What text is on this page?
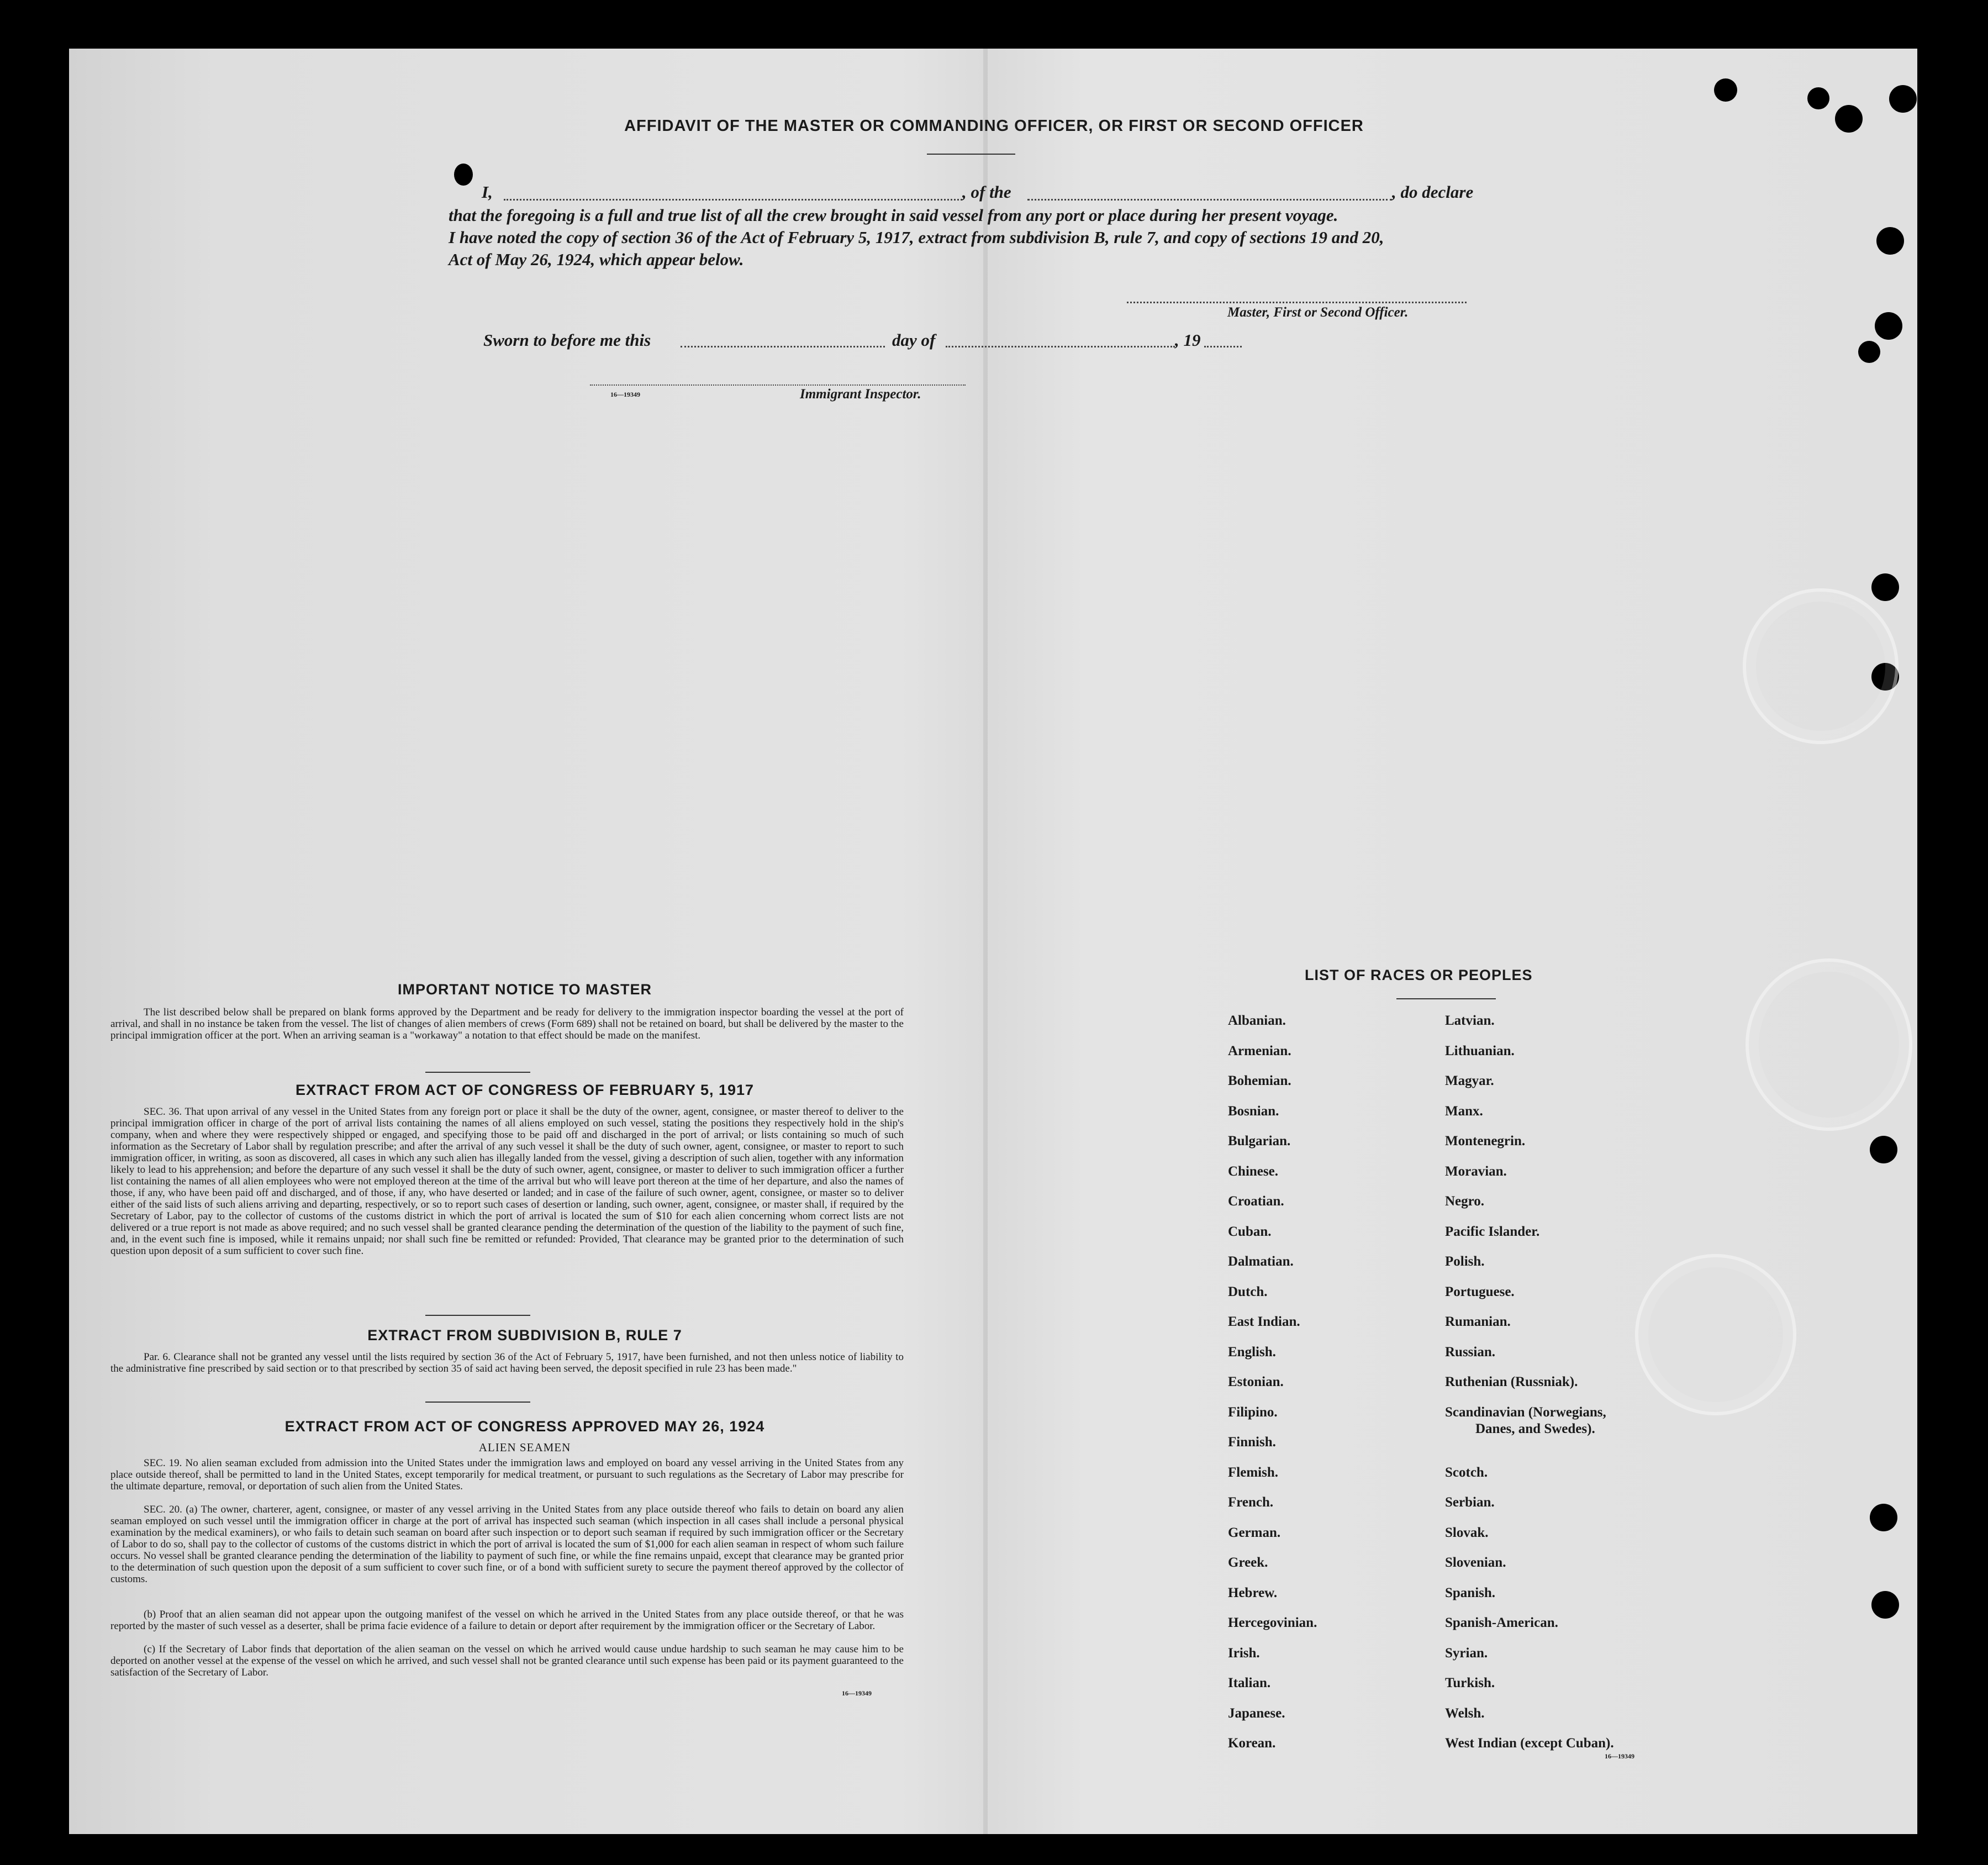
AFFIDAVIT OF THE MASTER OR COMMANDING OFFICER, OR FIRST OR SECOND OFFICER
I,	, of the	, do declare
that the foregoing is a full and true list of all the crew brought in said vessel from any port or place during her present voyage.
I have noted the copy of section 36 of the Act of February 5, 1917, extract from subdivision B, rule 7, and copy of sections 19 and 20,
Act of May 26, 1924, which appear below.
Master, First or Second Officer.
Sworn to before me this	day of	, 19
16—19349	Immigrant Inspector.
IMPORTANT NOTICE TO MASTER
The list described below shall be prepared on blank forms approved by the Department and be ready for delivery to the immigration inspector boarding the vessel at the port of arrival, and shall in no instance be taken from the vessel. The list of changes of alien members of crews (Form 689) shall not be retained on board, but shall be delivered by the master to the principal immigration officer at the port. When an arriving seaman is a "workaway" a notation to that effect should be made on the manifest.
EXTRACT FROM ACT OF CONGRESS OF FEBRUARY 5, 1917
SEC. 36. That upon arrival of any vessel in the United States from any foreign port or place it shall be the duty of the owner, agent, consignee, or master thereof to deliver to the principal immigration officer in charge of the port of arrival lists containing the names of all aliens employed on such vessel, stating the positions they respectively hold in the ship's company, when and where they were respectively shipped or engaged, and specifying those to be paid off and discharged in the port of arrival; or lists containing so much of such information as the Secretary of Labor shall by regulation prescribe; and after the arrival of any such vessel it shall be the duty of such owner, agent, consignee, or master to report to such immigration officer, in writing, as soon as discovered, all cases in which any such alien has illegally landed from the vessel, giving a description of such alien, together with any information likely to lead to his apprehension; and before the departure of any such vessel it shall be the duty of such owner, agent, consignee, or master to deliver to such immigration officer a further list containing the names of all alien employees who were not employed thereon at the time of the arrival but who will leave port thereon at the time of her departure, and also the names of those, if any, who have been paid off and discharged, and of those, if any, who have deserted or landed; and in case of the failure of such owner, agent, consignee, or master so to deliver either of the said lists of such aliens arriving and departing, respectively, or so to report such cases of desertion or landing, such owner, agent, consignee, or master shall, if required by the Secretary of Labor, pay to the collector of customs of the customs district in which the port of arrival is located the sum of $10 for each alien concerning whom correct lists are not delivered or a true report is not made as above required; and no such vessel shall be granted clearance pending the determination of the question of the liability to the payment of such fine, and, in the event such fine is imposed, while it remains unpaid; nor shall such fine be remitted or refunded: Provided, That clearance may be granted prior to the determination of such question upon deposit of a sum sufficient to cover such fine.
EXTRACT FROM SUBDIVISION B, RULE 7
Par. 6. Clearance shall not be granted any vessel until the lists required by section 36 of the Act of February 5, 1917, have been furnished, and not then unless notice of liability to the administrative fine prescribed by said section or to that prescribed by section 35 of said act having been served, the deposit specified in rule 23 has been made."
EXTRACT FROM ACT OF CONGRESS APPROVED MAY 26, 1924
ALIEN SEAMEN
SEC. 19. No alien seaman excluded from admission into the United States under the immigration laws and employed on board any vessel arriving in the United States from any place outside thereof, shall be permitted to land in the United States, except temporarily for medical treatment, or pursuant to such regulations as the Secretary of Labor may prescribe for the ultimate departure, removal, or deportation of such alien from the United States.
SEC. 20. (a) The owner, charterer, agent, consignee, or master of any vessel arriving in the United States from any place outside thereof who fails to detain on board any alien seaman employed on such vessel until the immigration officer in charge at the port of arrival has inspected such seaman (which inspection in all cases shall include a personal physical examination by the medical examiners), or who fails to detain such seaman on board after such inspection or to deport such seaman if required by such immigration officer or the Secretary of Labor to do so, shall pay to the collector of customs of the customs district in which the port of arrival is located the sum of $1,000 for each alien seaman in respect of whom such failure occurs. No vessel shall be granted clearance pending the determination of the liability to payment of such fine, or while the fine remains unpaid, except that clearance may be granted prior to the determination of such question upon the deposit of a sum sufficient to cover such fine, or of a bond with sufficient surety to secure the payment thereof approved by the collector of customs.
(b) Proof that an alien seaman did not appear upon the outgoing manifest of the vessel on which he arrived in the United States from any place outside thereof, or that he was reported by the master of such vessel as a deserter, shall be prima facie evidence of a failure to detain or deport after requirement by the immigration officer or the Secretary of Labor.
(c) If the Secretary of Labor finds that deportation of the alien seaman on the vessel on which he arrived would cause undue hardship to such seaman he may cause him to be deported on another vessel at the expense of the vessel on which he arrived, and such vessel shall not be granted clearance until such expense has been paid or its payment guaranteed to the satisfaction of the Secretary of Labor.
16—19349
LIST OF RACES OR PEOPLES
Albanian.
Armenian.
Bohemian.
Bosnian.
Bulgarian.
Chinese.
Croatian.
Cuban.
Dalmatian.
Dutch.
East Indian.
English.
Estonian.
Filipino.
Finnish.
Flemish.
French.
German.
Greek.
Hebrew.
Hercegovinian.
Irish.
Italian.
Japanese.
Korean.
Latvian.
Lithuanian.
Magyar.
Manx.
Montenegrin.
Moravian.
Negro.
Pacific Islander.
Polish.
Portuguese.
Rumanian.
Russian.
Ruthenian (Russniak).
Scandinavian (Norwegians,
Danes, and Swedes).
Scotch.
Serbian.
Slovak.
Slovenian.
Spanish.
Spanish-American.
Syrian.
Turkish.
Welsh.
West Indian (except Cuban).
16—19349
